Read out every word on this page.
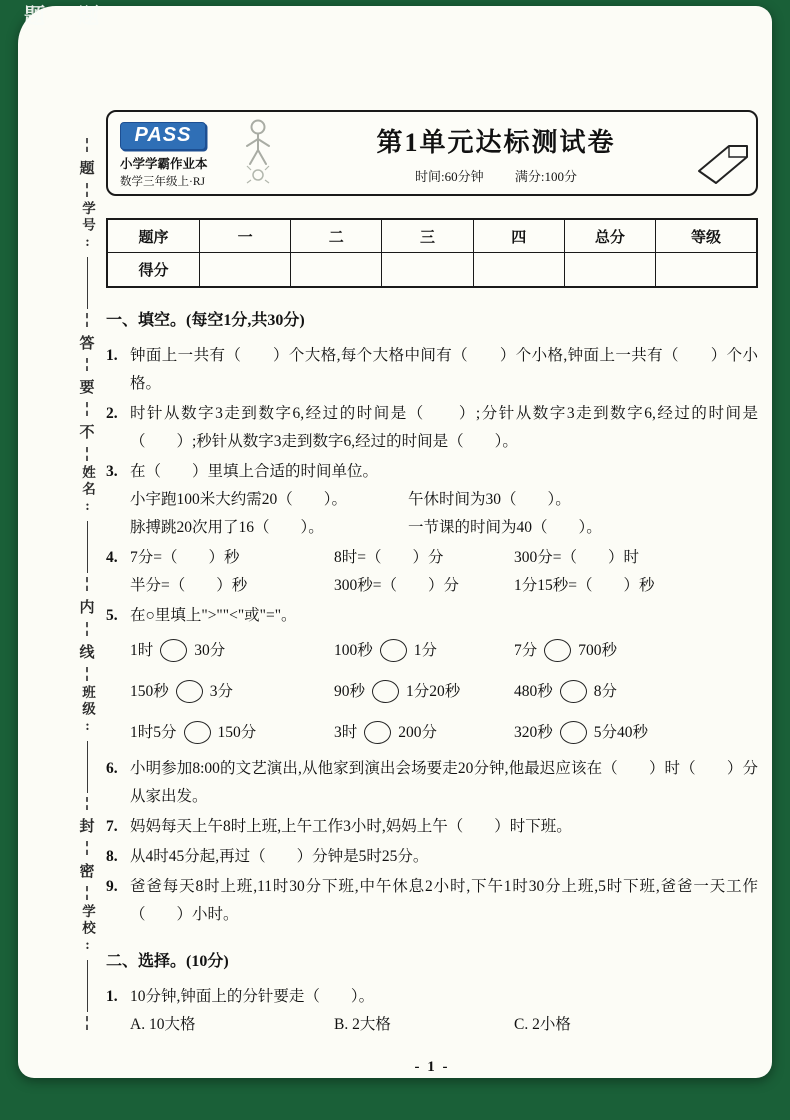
题 题
题
学号:
答
要
不
姓名:
内
线
班级:
封
密
学校:
PASS
小学学霸作业本
数学三年级上·RJ
第1单元达标测试卷
时间:60分钟 满分:100分
题序	一	二	三	四	总分	等级
得分
一、填空。(每空1分,共30分)
1. 钟面上一共有（　　）个大格,每个大格中间有（　　）个小格,钟面上一共有（　　）个小格。
2. 时针从数字3走到数字6,经过的时间是（　　）;分针从数字3走到数字6,经过的时间是（　　）;秒针从数字3走到数字6,经过的时间是（　　）。
3. 在（　　）里填上合适的时间单位。
小宇跑100米大约需20（　　）。	午休时间为30（　　）。
脉搏跳20次用了16（　　）。	一节课的时间为40（　　）。
4. 7分=（　　）秒	8时=（　　）分	300分=（　　）时
半分=（　　）秒	300秒=（　　）分	1分15秒=（　　）秒
5. 在○里填上">""<"或"="。
1时	30分	100秒	1分	7分	700秒
150秒	3分	90秒	1分20秒	480秒	8分
1时5分	150分	3时	200分	320秒	5分40秒
6. 小明参加8:00的文艺演出,从他家到演出会场要走20分钟,他最迟应该在（　　）时（　　）分从家出发。
7. 妈妈每天上午8时上班,上午工作3小时,妈妈上午（　　）时下班。
8. 从4时45分起,再过（　　）分钟是5时25分。
9. 爸爸每天8时上班,11时30分下班,中午休息2小时,下午1时30分上班,5时下班,爸爸一天工作（　　）小时。
二、选择。(10分)
1. 10分钟,钟面上的分针要走（　　）。
A. 10大格	B. 2大格	C. 2小格
- 1 -
